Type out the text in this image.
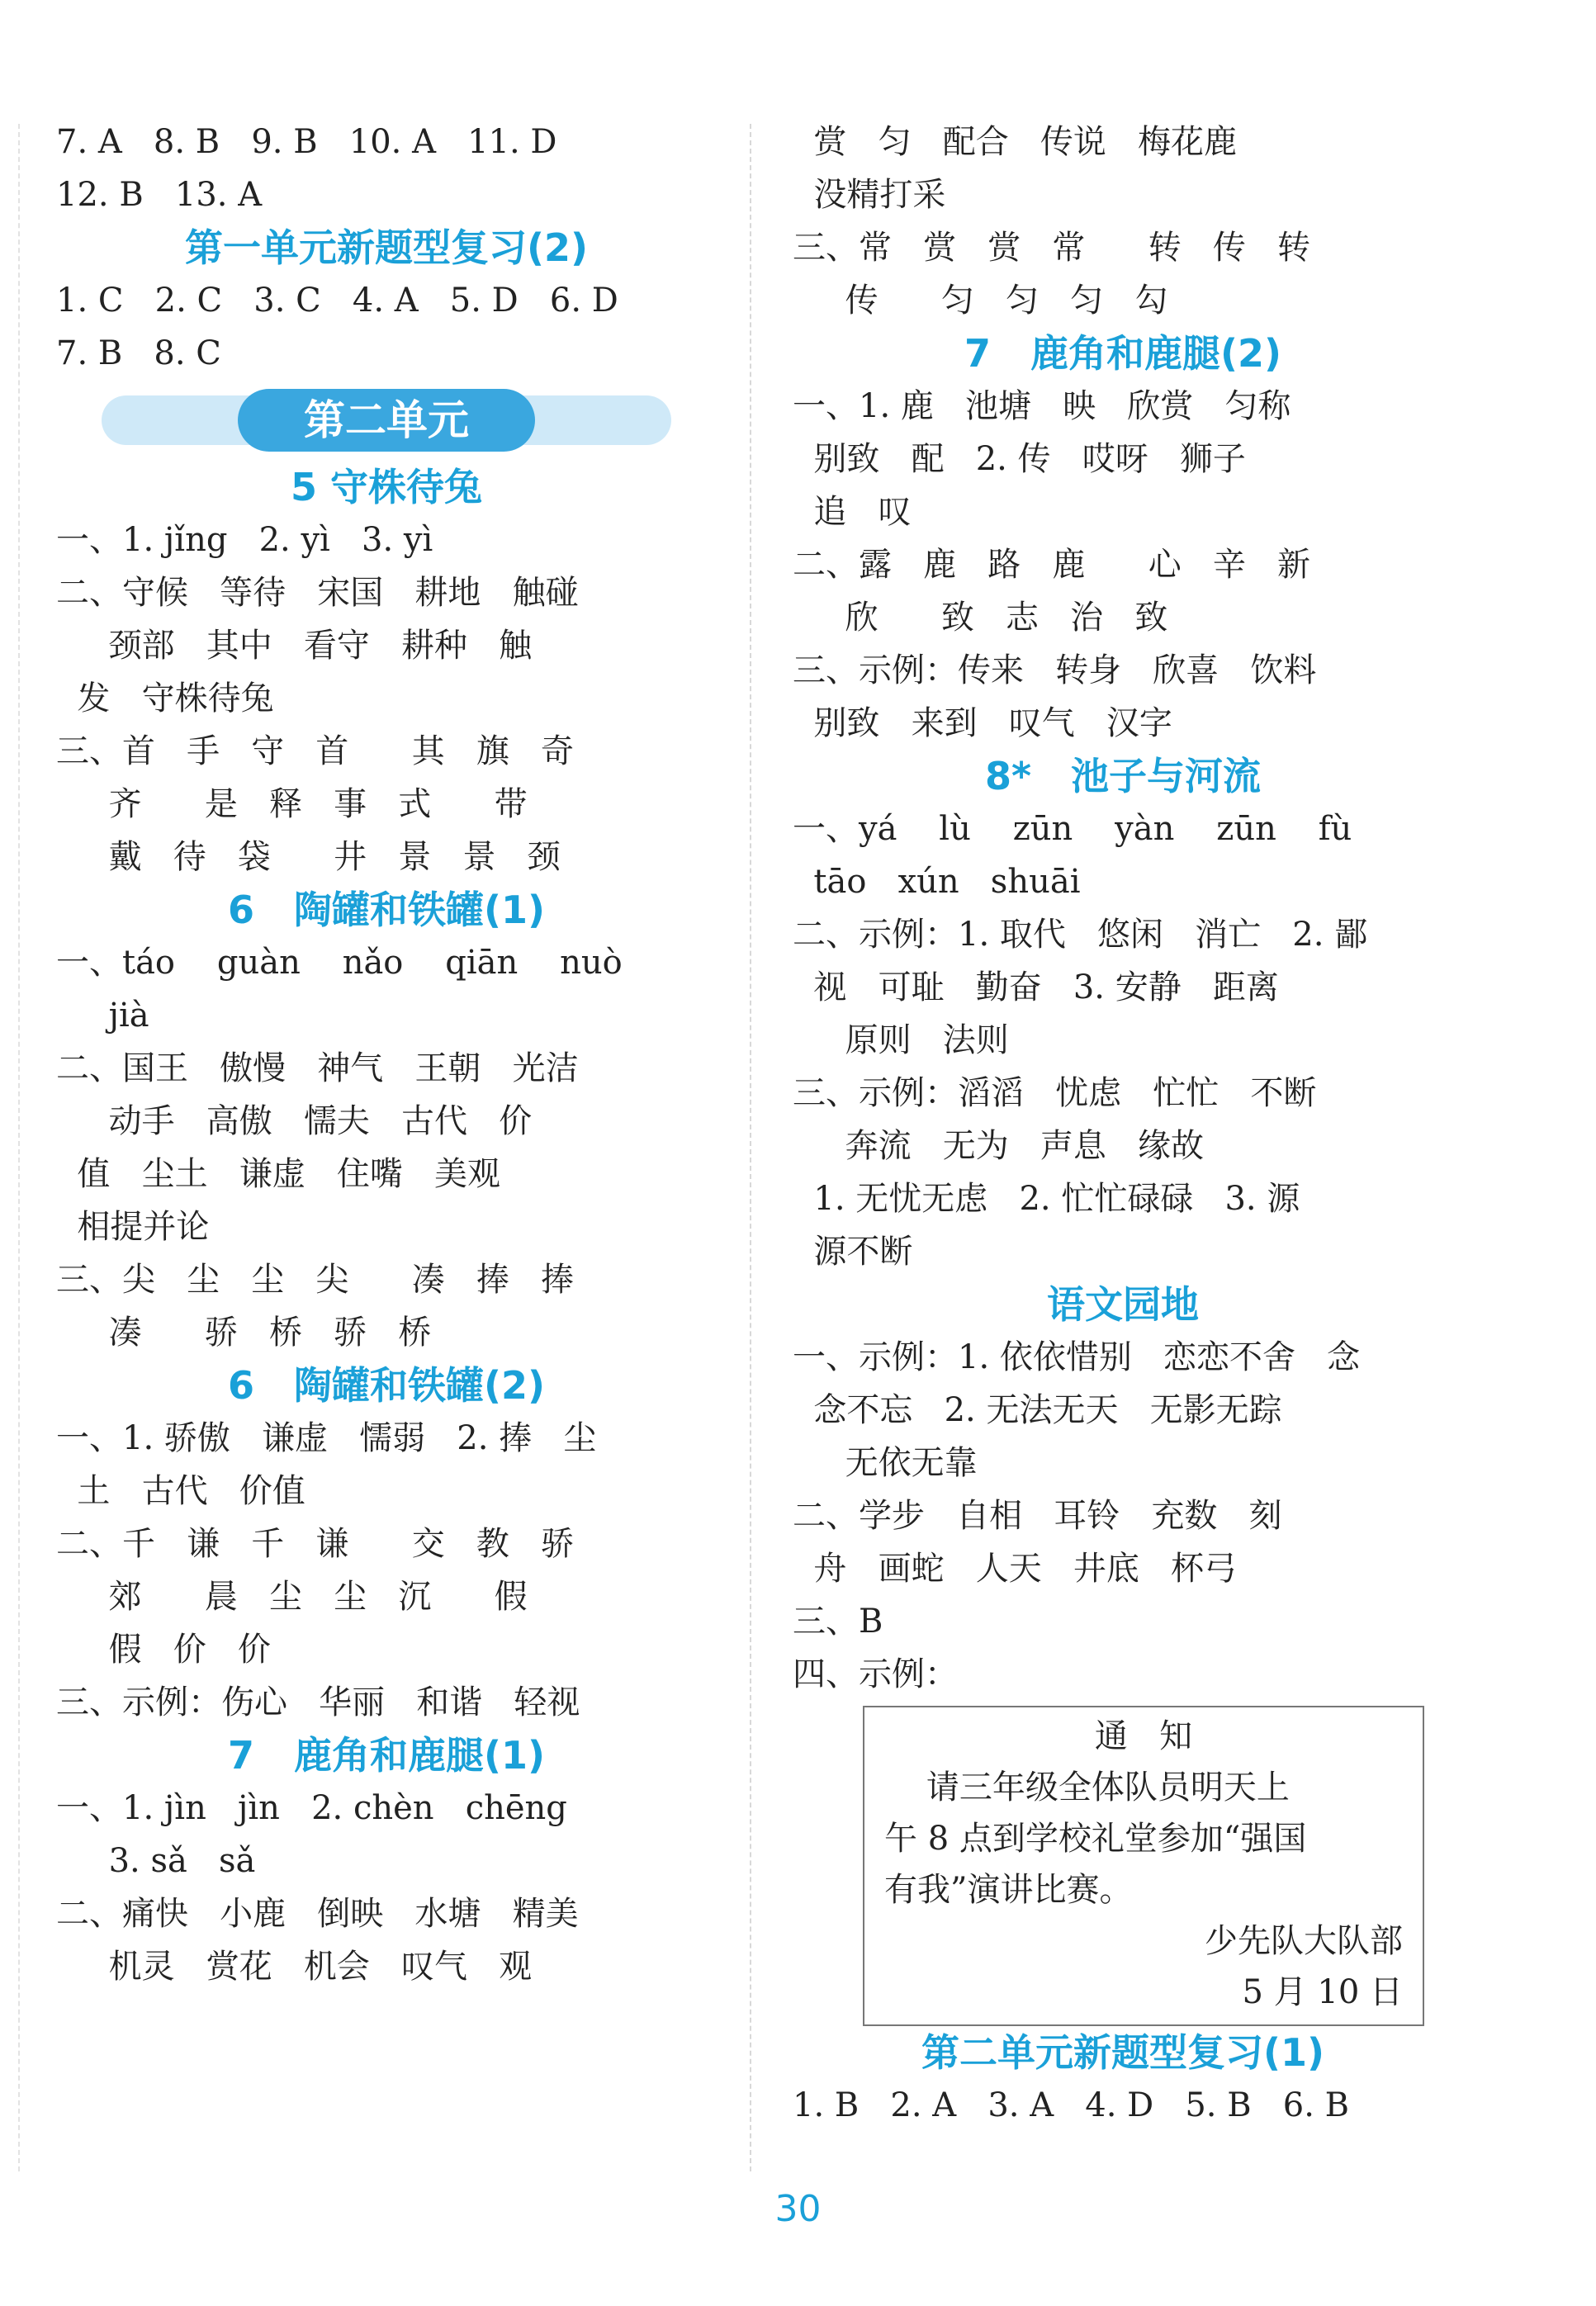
7. A   8. B   9. B   10. A   11. D
12. B   13. A
第一单元新题型复习(2)
1. C   2. C   3. C   4. A   5. D   6. D
7. B   8. C
第二单元
5 守株待兔
一、1. jǐng   2. yì   3. yì
二、守候   等待   宋国   耕地   触碰
颈部   其中   看守   耕种   触
发   守株待兔
三、首   手   守   首      其   旗   奇
齐      是   释   事   式      带
戴   待   袋      井   景   景   颈
6   陶罐和铁罐(1)
一、táo    guàn    nǎo    qiān    nuò
jià
二、国王   傲慢   神气   王朝   光洁
动手   高傲   懦夫   古代   价
值   尘土   谦虚   住嘴   美观
相提并论
三、尖   尘   尘   尖      凑   捧   捧
凑      骄   桥   骄   桥
6   陶罐和铁罐(2)
一、1. 骄傲   谦虚   懦弱   2. 捧   尘
土   古代   价值
二、千   谦   千   谦      交   教   骄
郊      晨   尘   尘   沉      假
假   价   价
三、示例：伤心   华丽   和谐   轻视
7   鹿角和鹿腿(1)
一、1. jìn   jìn   2. chèn   chēng
3. sǎ   sǎ
二、痛快   小鹿   倒映   水塘   精美
机灵   赏花   机会   叹气   观
赏   匀   配合   传说   梅花鹿
没精打采
三、常   赏   赏   常      转   传   转
传      匀   匀   匀   勾
7   鹿角和鹿腿(2)
一、1. 鹿   池塘   映   欣赏   匀称
别致   配   2. 传   哎呀   狮子
追   叹
二、露   鹿   路   鹿      心   辛   新
欣      致   志   治   致
三、示例：传来   转身   欣喜   饮料
别致   来到   叹气   汉字
8*   池子与河流
一、yá    lù    zūn    yàn    zūn    fù
tāo   xún   shuāi
二、示例：1. 取代   悠闲   消亡   2. 鄙
视   可耻   勤奋   3. 安静   距离
原则   法则
三、示例：滔滔   忧虑   忙忙   不断
奔流   无为   声息   缘故
1. 无忧无虑   2. 忙忙碌碌   3. 源
源不断
语文园地
一、示例：1. 依依惜别   恋恋不舍   念
念不忘   2. 无法无天   无影无踪
无依无靠
二、学步   自相   耳铃   充数   刻
舟   画蛇   人天   井底   杯弓
三、B
四、示例：
通   知
请三年级全体队员明天上
午 8 点到学校礼堂参加“强国
有我”演讲比赛。
少先队大队部
5 月 10 日
第二单元新题型复习(1)
1. B   2. A   3. A   4. D   5. B   6. B
30
